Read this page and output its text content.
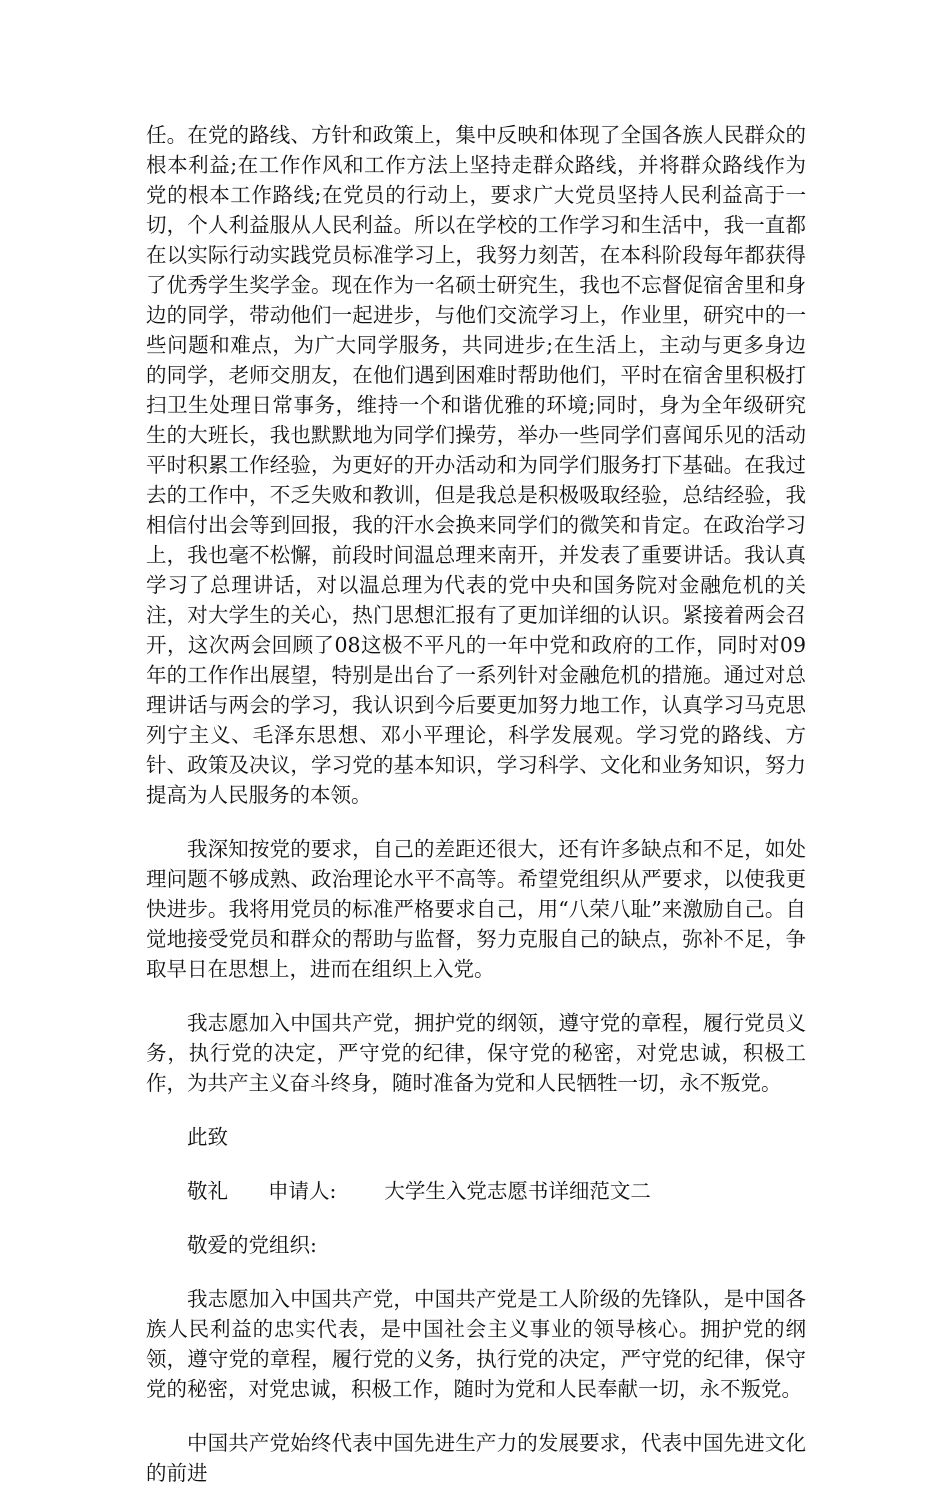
任。在党的路线、方针和政策上，集中反映和体现了全国各族人民群众的根本利益;在工作作风和工作方法上坚持走群众路线，并将群众路线作为党的根本工作路线;在党员的行动上，要求广大党员坚持人民利益高于一切，个人利益服从人民利益。所以在学校的工作学习和生活中，我一直都在以实际行动实践党员标准学习上，我努力刻苦，在本科阶段每年都获得了优秀学生奖学金。现在作为一名硕士研究生，我也不忘督促宿舍里和身边的同学，带动他们一起进步，与他们交流学习上，作业里，研究中的一些问题和难点，为广大同学服务，共同进步;在生活上，主动与更多身边的同学，老师交朋友，在他们遇到困难时帮助他们，平时在宿舍里积极打扫卫生处理日常事务，维持一个和谐优雅的环境;同时，身为全年级研究生的大班长，我也默默地为同学们操劳，举办一些同学们喜闻乐见的活动平时积累工作经验，为更好的开办活动和为同学们服务打下基础。在我过去的工作中，不乏失败和教训，但是我总是积极吸取经验，总结经验，我相信付出会等到回报，我的汗水会换来同学们的微笑和肯定。在政治学习上，我也毫不松懈，前段时间温总理来南开，并发表了重要讲话。我认真学习了总理讲话，对以温总理为代表的党中央和国务院对金融危机的关注，对大学生的关心，热门思想汇报有了更加详细的认识。紧接着两会召开，这次两会回顾了08这极不平凡的一年中党和政府的工作，同时对09年的工作作出展望，特别是出台了一系列针对金融危机的措施。通过对总理讲话与两会的学习，我认识到今后要更加努力地工作，认真学习马克思列宁主义、毛泽东思想、邓小平理论，科学发展观。学习党的路线、方针、政策及决议，学习党的基本知识，学习科学、文化和业务知识，努力提高为人民服务的本领。

我深知按党的要求，自己的差距还很大，还有许多缺点和不足，如处理问题不够成熟、政治理论水平不高等。希望党组织从严要求，以使我更快进步。我将用党员的标准严格要求自己，用“八荣八耻”来激励自己。自觉地接受党员和群众的帮助与监督，努力克服自己的缺点，弥补不足，争取早日在思想上，进而在组织上入党。

我志愿加入中国共产党，拥护党的纲领，遵守党的章程，履行党员义务，执行党的决定，严守党的纪律，保守党的秘密，对党忠诚，积极工作，为共产主义奋斗终身，随时准备为党和人民牺牲一切，永不叛党。

此致

敬礼 申请人: 大学生入党志愿书详细范文二

敬爱的党组织:

我志愿加入中国共产党，中国共产党是工人阶级的先锋队，是中国各族人民利益的忠实代表，是中国社会主义事业的领导核心。拥护党的纲领，遵守党的章程，履行党的义务，执行党的决定，严守党的纪律，保守党的秘密，对党忠诚，积极工作，随时为党和人民奉献一切，永不叛党。

中国共产党始终代表中国先进生产力的发展要求，代表中国先进文化的前进
